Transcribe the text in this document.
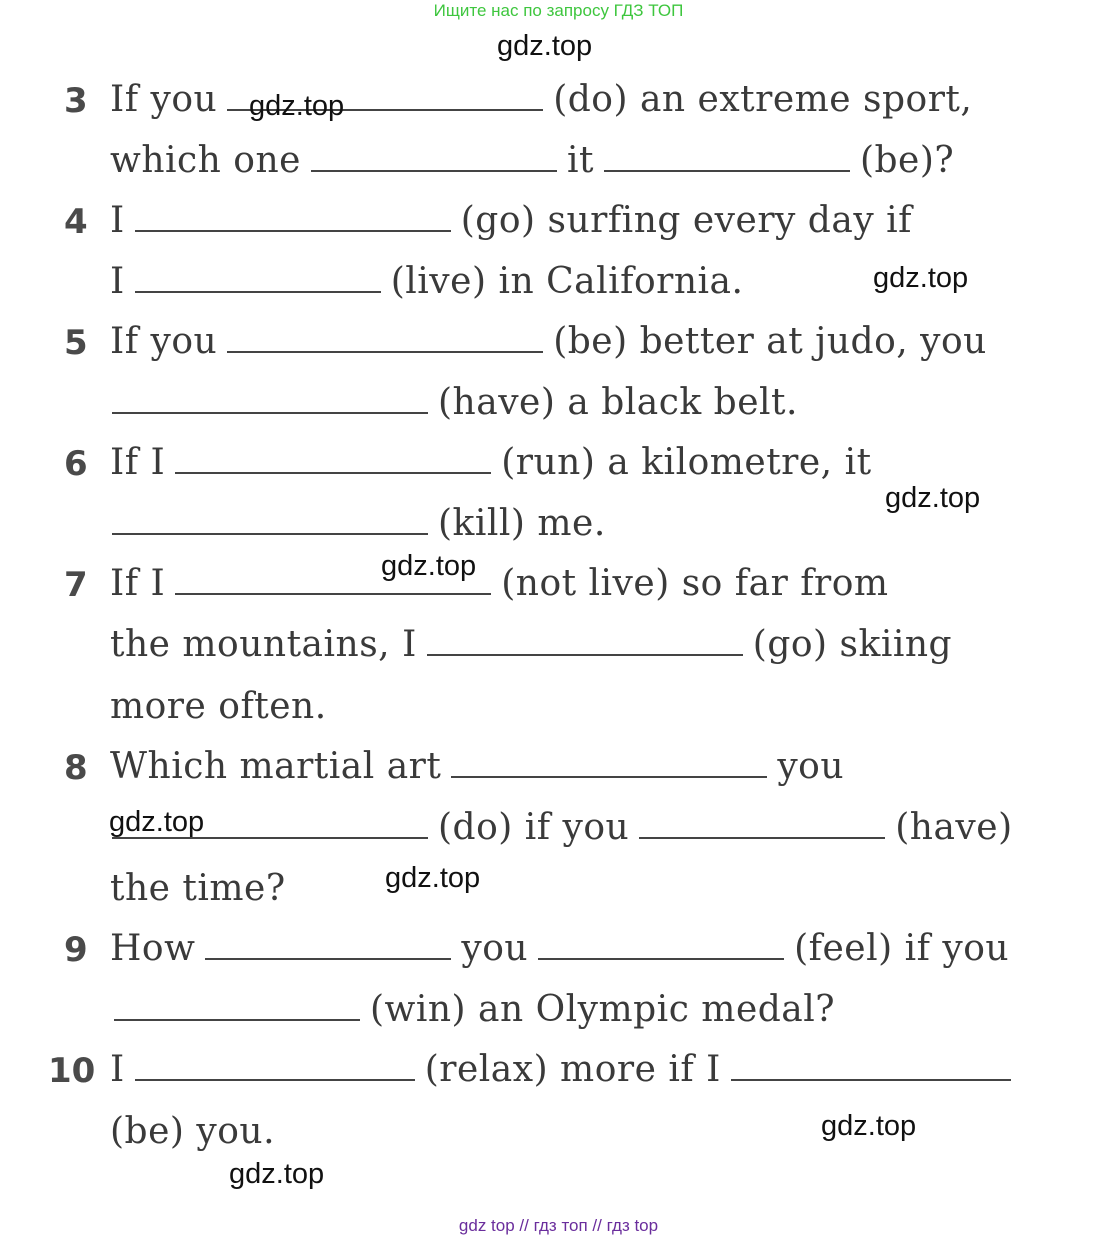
Ищите нас по запросу ГДЗ ТОП
gdz.top
gdz.top
gdz.top
gdz.top
gdz.top
gdz.top
gdz.top
gdz.top
gdz.top
3 If you	(do) an extreme sport,
which one	it	(be)?
4 I	(go) surfing every day if
I	(live) in California.
5 If you	(be) better at judo, you
(have) a black belt.
6 If I	(run) a kilometre, it
(kill) me.
7 If I	(not live) so far from
the mountains, I	(go) skiing
more often.
8 Which martial art	you
(do) if you	(have)
the time?
9 How	you	(feel) if you
(win) an Olympic medal?
10 I	(relax) more if I
(be) you.
gdz top // гдз топ // гдз top
